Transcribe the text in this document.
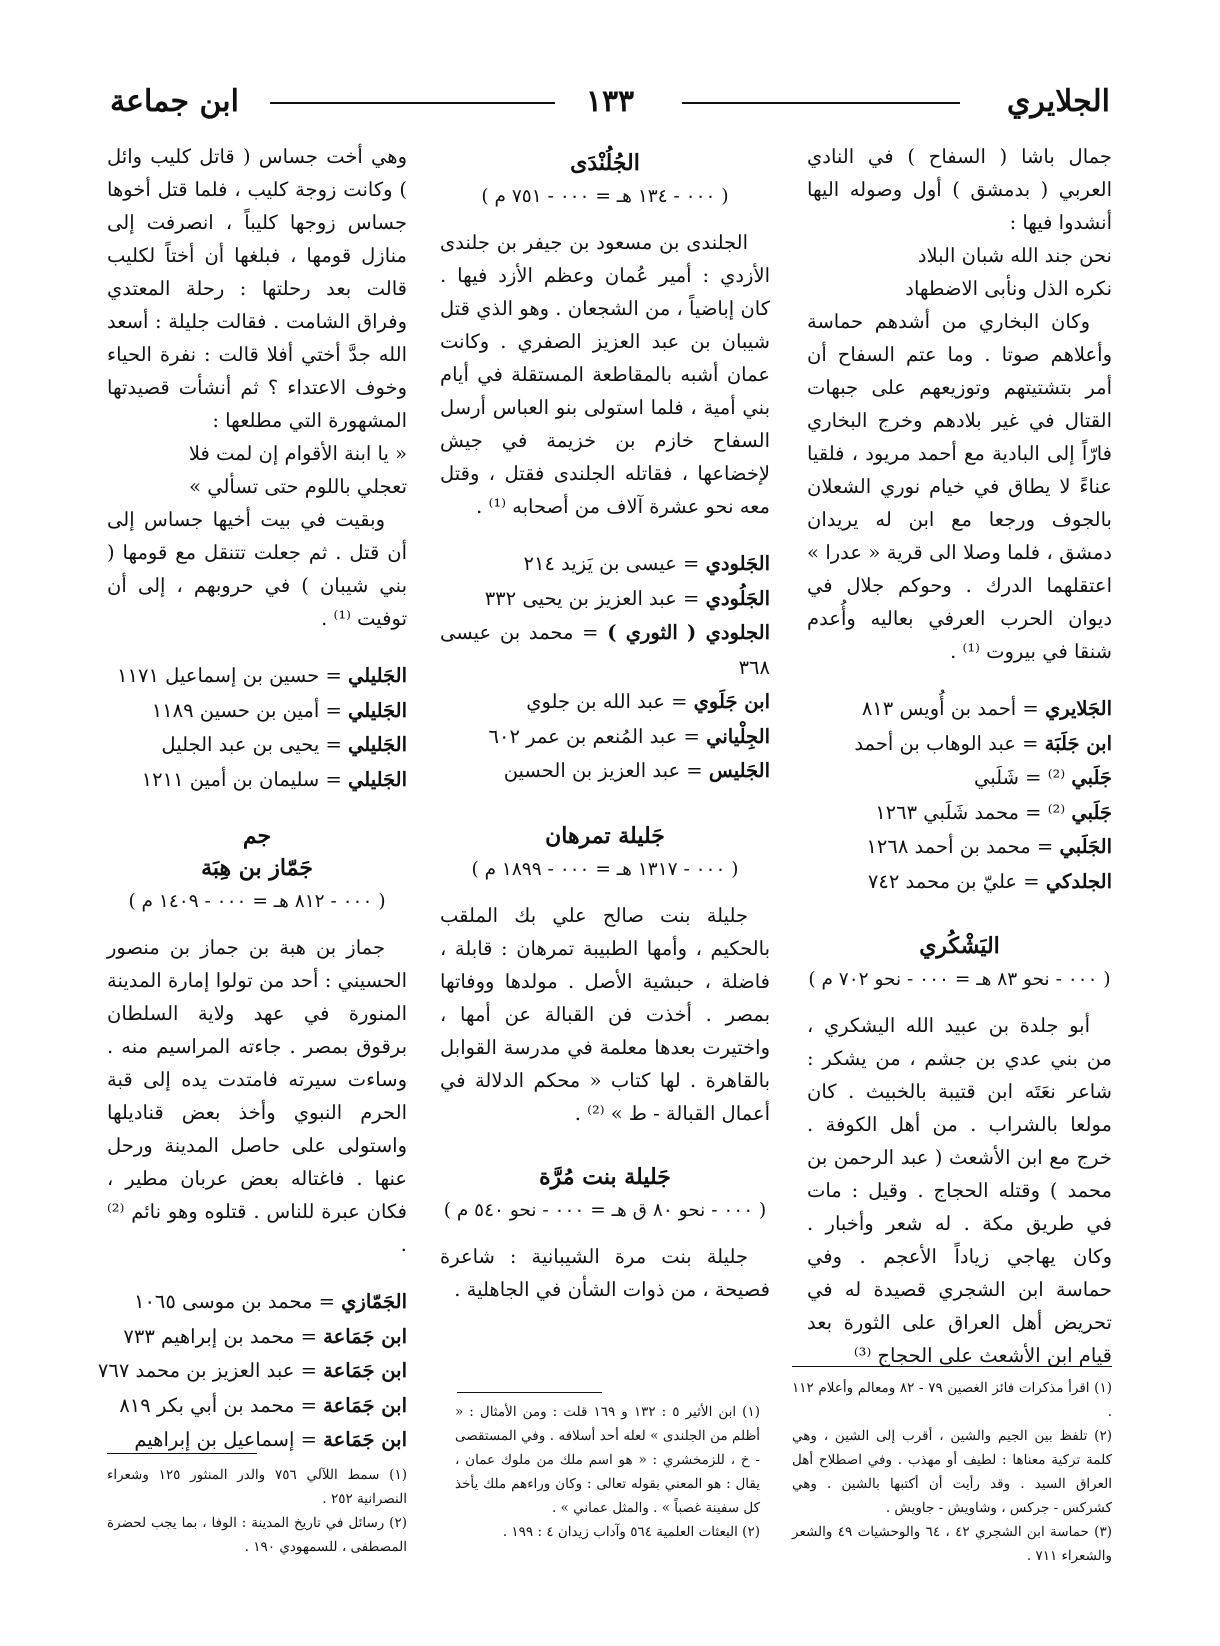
الجلايري
١٣٣
ابن جماعة

جمال باشا ( السفاح ) في النادي العربي ( بدمشق ) أول وصوله اليها أنشدوا فيها :

نحن جند الله شبان البلاد

نكره الذل ونأبى الاضطهاد

وكان البخاري من أشدهم حماسة وأعلاهم صوتا . وما عتم السفاح أن أمر بتشتيتهم وتوزيعهم على جبهات القتال في غير بلادهم وخرج البخاري فارّاً إلى البادية مع أحمد مريود ، فلقيا عناءً لا يطاق في خيام نوري الشعلان بالجوف ورجعا مع ابن له يريدان دمشق ، فلما وصلا الى قرية « عدرا » اعتقلهما الدرك . وحوكم جلال في ديوان الحرب العرفي بعاليه وأُعدم شنقا في بيروت ⁽¹⁾ .

الجَلايري = أحمد بن أُويس ٨١٣
ابن جَلَبَة = عبد الوهاب بن أحمد
جَلَبي ⁽²⁾ = شَلَبي
جَلَبي ⁽²⁾ = محمد شَلَبي ١٢٦٣
الجَلَبي = محمد بن أحمد ١٢٦٨
الجلدكي = عليّ بن محمد ٧٤٢
اليَشْكُري
( ٠٠٠ - نحو ٨٣ هـ = ٠٠٠ - نحو ٧٠٢ م )

أبو جلدة بن عبيد الله اليشكري ، من بني عدي بن جشم ، من يشكر : شاعر نعَتَه ابن قتيبة بالخبيث . كان مولعا بالشراب . من أهل الكوفة . خرج مع ابن الأشعث ( عبد الرحمن بن محمد ) وقتله الحجاج . وقيل : مات في طريق مكة . له شعر وأخبار . وكان يهاجي زياداً الأعجم . وفي حماسة ابن الشجري قصيدة له في تحريض أهل العراق على الثورة بعد قيام ابن الأشعث على الحجاج ⁽³⁾

(١) اقرأ مذكرات فائز الغصين ٧٩ - ٨٢ ومعالم وأعلام ١١٢ .

(٢) تلفظ بين الجيم والشين ، أقرب إلى الشين ، وهي كلمة تركية معناها : لطيف أو مهذب . وفي اصطلاح أهل العراق السيد . وقد رأيت أن أكتبها بالشين . وهي كشركس - جركس ، وشاويش - جاويش .

(٣) حماسة ابن الشجري ٤٢ ، ٦٤ والوحشيات ٤٩ والشعر والشعراء ٧١١ .

الجُلُنْدَى
( ٠٠٠ - ١٣٤ هـ = ٠٠٠ - ٧٥١ م )

الجلندى بن مسعود بن جيفر بن جلندى الأزدي : أمير عُمان وعظم الأزد فيها . كان إباضياً ، من الشجعان . وهو الذي قتل شيبان بن عبد العزيز الصفري . وكانت عمان أشبه بالمقاطعة المستقلة في أيام بني أمية ، فلما استولى بنو العباس أرسل السفاح خازم بن خزيمة في جيش لإخضاعها ، فقاتله الجلندى فقتل ، وقتل معه نحو عشرة آلاف من أصحابه ⁽¹⁾ .

الجَلودي = عيسى بن يَزيد ٢١٤
الجَلُودي = عبد العزيز بن يحيى ٣٣٢
الجلودي ( الثوري ) = محمد بن عيسى ٣٦٨
ابن جَلَوي = عبد الله بن جلوي
الجِلْياني = عبد المُنعم بن عمر ٦٠٢
الجَليس = عبد العزيز بن الحسين
جَليلة تمرهان
( ٠٠٠ - ١٣١٧ هـ = ٠٠٠ - ١٨٩٩ م )

جليلة بنت صالح علي بك الملقب بالحكيم ، وأمها الطبيبة تمرهان : قابلة ، فاضلة ، حبشية الأصل . مولدها ووفاتها بمصر . أخذت فن القبالة عن أمها ، واختيرت بعدها معلمة في مدرسة القوابل بالقاهرة . لها كتاب « محكم الدلالة في أعمال القبالة - ط » ⁽²⁾ .

جَليلة بنت مُرَّة
( ٠٠٠ - نحو ٨٠ ق هـ = ٠٠٠ - نحو ٥٤٠ م )

جليلة بنت مرة الشيبانية : شاعرة فصيحة ، من ذوات الشأن في الجاهلية .

(١) ابن الأثير ٥ : ١٣٢ و ١٦٩ قلت : ومن الأمثال : « أظلم من الجلندى » لعله أحد أسلافه . وفي المستقصى - خ ، للزمخشري : « هو اسم ملك من ملوك عمان ، يقال : هو المعني بقوله تعالى : وكان وراءهم ملك يأخذ كل سفينة غصباً » . والمثل عماني » .

(٢) البعثات العلمية ٥٦٤ وآداب زيدان ٤ : ١٩٩ .

وهي أخت جساس ( قاتل كليب وائل ) وكانت زوجة كليب ، فلما قتل أخوها جساس زوجها كليباً ، انصرفت إلى منازل قومها ، فبلغها أن أختاً لكليب قالت بعد رحلتها : رحلة المعتدي وفراق الشامت . فقالت جليلة : أسعد الله جدَّ أختي أفلا قالت : نفرة الحياء وخوف الاعتداء ؟ ثم أنشأت قصيدتها المشهورة التي مطلعها :

« يا ابنة الأقوام إن لمت فلا

تعجلي باللوم حتى تسألي »

وبقيت في بيت أخيها جساس إلى أن قتل . ثم جعلت تتنقل مع قومها ( بني شيبان ) في حروبهم ، إلى أن توفيت ⁽¹⁾ .

الجَليلي = حسين بن إسماعيل ١١٧١
الجَليلي = أمين بن حسين ١١٨٩
الجَليلي = يحيى بن عبد الجليل
الجَليلي = سليمان بن أمين ١٢١١
جم
جَمّاز بن هِبَة
( ٠٠٠ - ٨١٢ هـ = ٠٠٠ - ١٤٠٩ م )

جماز بن هبة بن جماز بن منصور الحسيني : أحد من تولوا إمارة المدينة المنورة في عهد ولاية السلطان برقوق بمصر . جاءته المراسيم منه . وساءت سيرته فامتدت يده إلى قبة الحرم النبوي وأخذ بعض قناديلها واستولى على حاصل المدينة ورحل عنها . فاغتاله بعض عربان مطير ، فكان عبرة للناس . قتلوه وهو نائم ⁽²⁾ .

الجَمّازي = محمد بن موسى ١٠٦٥
ابن جَمَاعة = محمد بن إبراهيم ٧٣٣
ابن جَمَاعة = عبد العزيز بن محمد ٧٦٧
ابن جَمَاعة = محمد بن أبي بكر ٨١٩
ابن جَمَاعة = إسماعيل بن إبراهيم

(١) سمط اللآلي ٧٥٦ والدر المنثور ١٢٥ وشعراء النصرانية ٢٥٢ .

(٢) رسائل في تاريخ المدينة : الوفا ، بما يجب لحضرة المصطفى ، للسمهودي ١٩٠ .
